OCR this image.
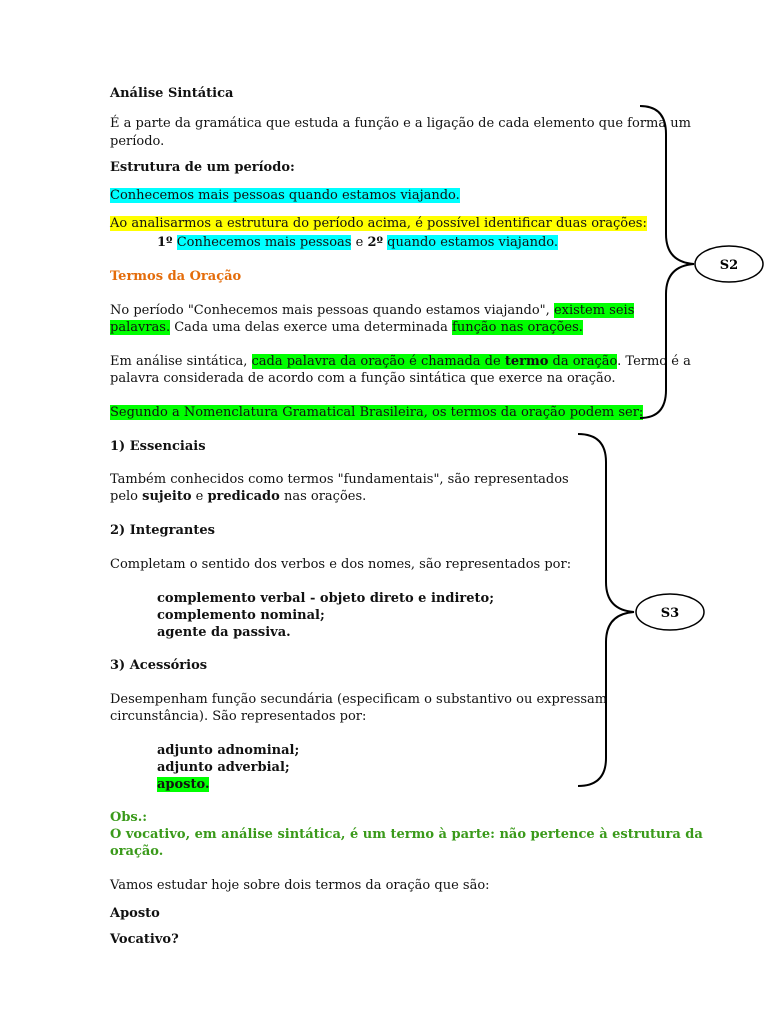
Análise Sintática
É a parte da gramática que estuda a função e a ligação de cada elemento que forma um
período.
Estrutura de um período:
Conhecemos mais pessoas quando estamos viajando.
Ao analisarmos a estrutura do período acima, é possível identificar duas orações:
1º Conhecemos mais pessoas e 2º quando estamos viajando.
Termos da Oração
No período "Conhecemos mais pessoas quando estamos viajando", existem seis
palavras. Cada uma delas exerce uma determinada função nas orações.
Em análise sintática, cada palavra da oração é chamada de termo da oração. Termo é a
palavra considerada de acordo com a função sintática que exerce na oração.
Segundo a Nomenclatura Gramatical Brasileira, os termos da oração podem ser:
1) Essenciais
Também conhecidos como termos "fundamentais", são representados
pelo sujeito e predicado nas orações.
2) Integrantes
Completam o sentido dos verbos e dos nomes, são representados por:
complemento verbal - objeto direto e indireto;
complemento nominal;
agente da passiva.
3) Acessórios
Desempenham função secundária (especificam o substantivo ou expressam
circunstância). São representados por:
adjunto adnominal;
adjunto adverbial;
aposto.
Obs.:
O vocativo, em análise sintática, é um termo à parte: não pertence à estrutura da
oração.
Vamos estudar hoje sobre dois termos da oração que são:
Aposto
Vocativo?
S2
S3
